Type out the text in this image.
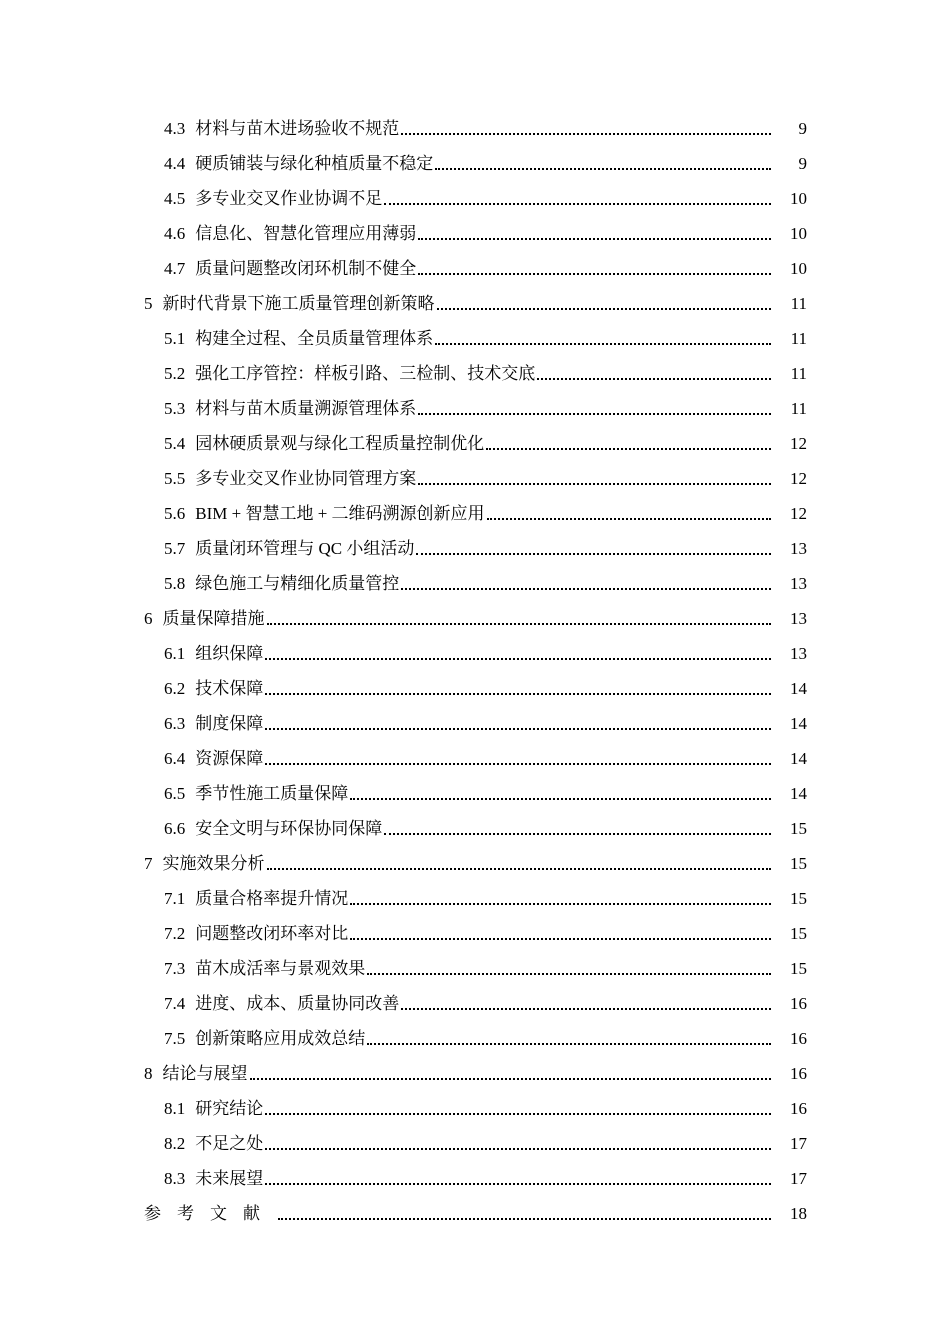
4.3 材料与苗木进场验收不规范	9
4.4 硬质铺装与绿化种植质量不稳定	9
4.5 多专业交叉作业协调不足	10
4.6 信息化、智慧化管理应用薄弱	10
4.7 质量问题整改闭环机制不健全	10
5 新时代背景下施工质量管理创新策略	11
5.1 构建全过程、全员质量管理体系	11
5.2 强化工序管控：样板引路、三检制、技术交底	11
5.3 材料与苗木质量溯源管理体系	11
5.4 园林硬质景观与绿化工程质量控制优化	12
5.5 多专业交叉作业协同管理方案	12
5.6 BIM + 智慧工地 + 二维码溯源创新应用	12
5.7 质量闭环管理与 QC 小组活动	13
5.8 绿色施工与精细化质量管控	13
6 质量保障措施	13
6.1 组织保障	13
6.2 技术保障	14
6.3 制度保障	14
6.4 资源保障	14
6.5 季节性施工质量保障	14
6.6 安全文明与环保协同保障	15
7 实施效果分析	15
7.1 质量合格率提升情况	15
7.2 问题整改闭环率对比	15
7.3 苗木成活率与景观效果	15
7.4 进度、成本、质量协同改善	16
7.5 创新策略应用成效总结	16
8 结论与展望	16
8.1 研究结论	16
8.2 不足之处	17
8.3 未来展望	17
参考文献	18
